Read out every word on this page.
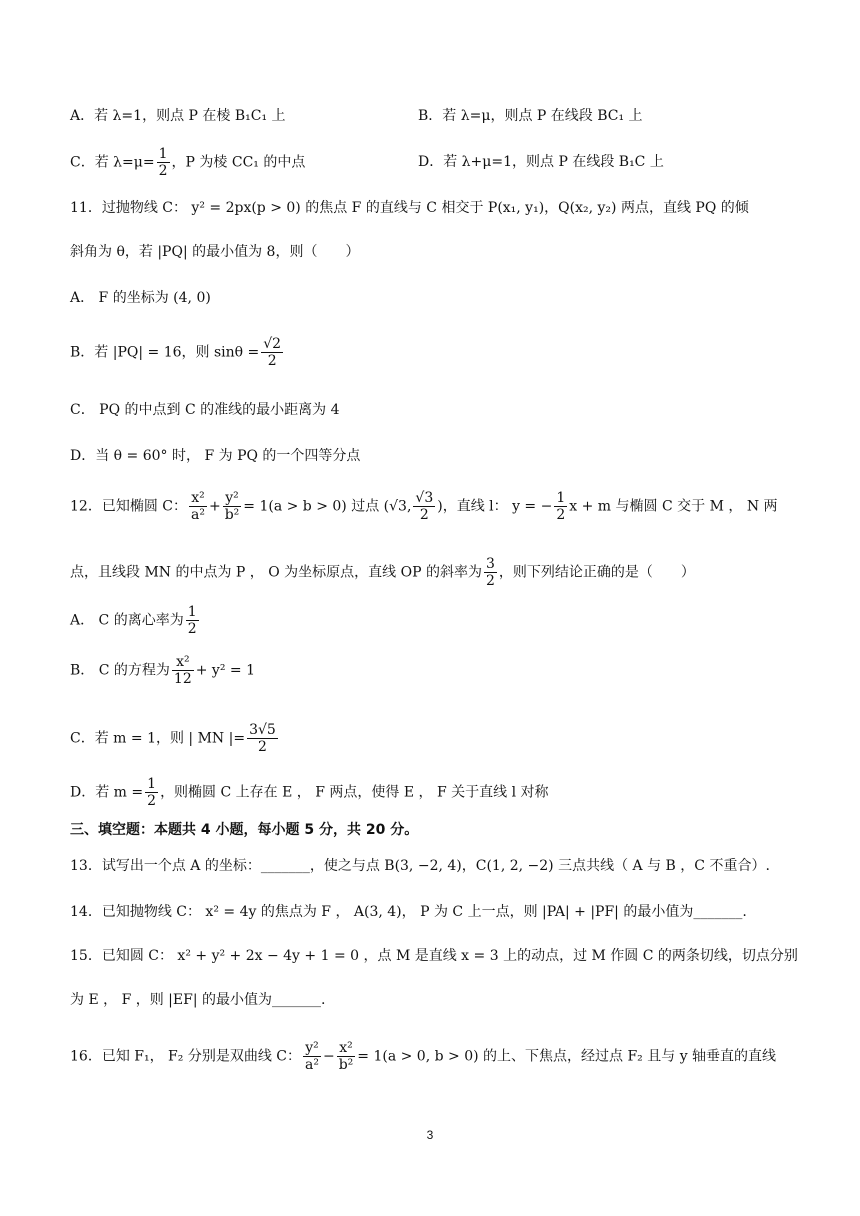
A．若 λ=1，则点 P 在棱 B₁C₁ 上	B．若 λ=μ，则点 P 在线段 BC₁ 上
C．若 $\lambda=\mu= \frac{1}{2}$ ，P 为棱 CC₁ 的中点	D．若 λ+μ=1，则点 P 在线段 B₁C 上
11．过抛物线 C： y² = 2px(p > 0) 的焦点 F 的直线与 C 相交于 P(x₁, y₁)，Q(x₂, y₂) 两点，直线 PQ 的倾
斜角为 θ，若 |PQ| 的最小值为 8，则（　　）
A． F 的坐标为 (4, 0)
B．若 |PQ| = 16，则 $\sin\theta = \frac{√2}{2}$
C． PQ 的中点到 C 的准线的最小距离为 4
D．当 θ = 60° 时， F 为 PQ 的一个四等分点
12．已知椭圆 C： $\frac{\text{x²}}{\text{a²}} + \frac{\text{y²}}{\text{b²}} = 1(a > b > 0)$ 过点 (√3, $\frac{√3}{2}$ )，直线 l： y = − $\frac{1}{2}$ x + m 与椭圆 C 交于 M ， N 两
点，且线段 MN 的中点为 P ， O 为坐标原点，直线 OP 的斜率为 $\frac{3}{2}$ ，则下列结论正确的是（　　）
A． C 的离心率为 $\frac{1}{2}$
B． C 的方程为 $\frac{\text{x²}}{12} + y^2 = 1$
C．若 m = 1，则 | MN |= $\frac{3√5}{2}$
D．若 $m = \frac{1}{2}$ ，则椭圆 C 上存在 E ， F 两点，使得 E ， F 关于直线 l 对称
三、填空题：本题共 4 小题，每小题 5 分，共 20 分。
13．试写出一个点 A 的坐标：_______，使之与点 B(3, −2, 4)，C(1, 2, −2) 三点共线（ A 与 B ，C 不重合）.
14．已知抛物线 C： x² = 4y 的焦点为 F ， A(3, 4)， P 为 C 上一点，则 |PA| + |PF| 的最小值为_______.
15．已知圆 C： x² + y² + 2x − 4y + 1 = 0 ，点 M 是直线 x = 3 上的动点，过 M 作圆 C 的两条切线，切点分别
为 E ， F ，则 |EF| 的最小值为_______.
16．已知 F₁， F₂ 分别是双曲线 C： $\frac{\text{y²}}{\text{a²}} - \frac{\text{x²}}{\text{b²}} = 1(a > 0$, b > 0) 的上、下焦点，经过点 F₂ 且与 y 轴垂直的直线
3
